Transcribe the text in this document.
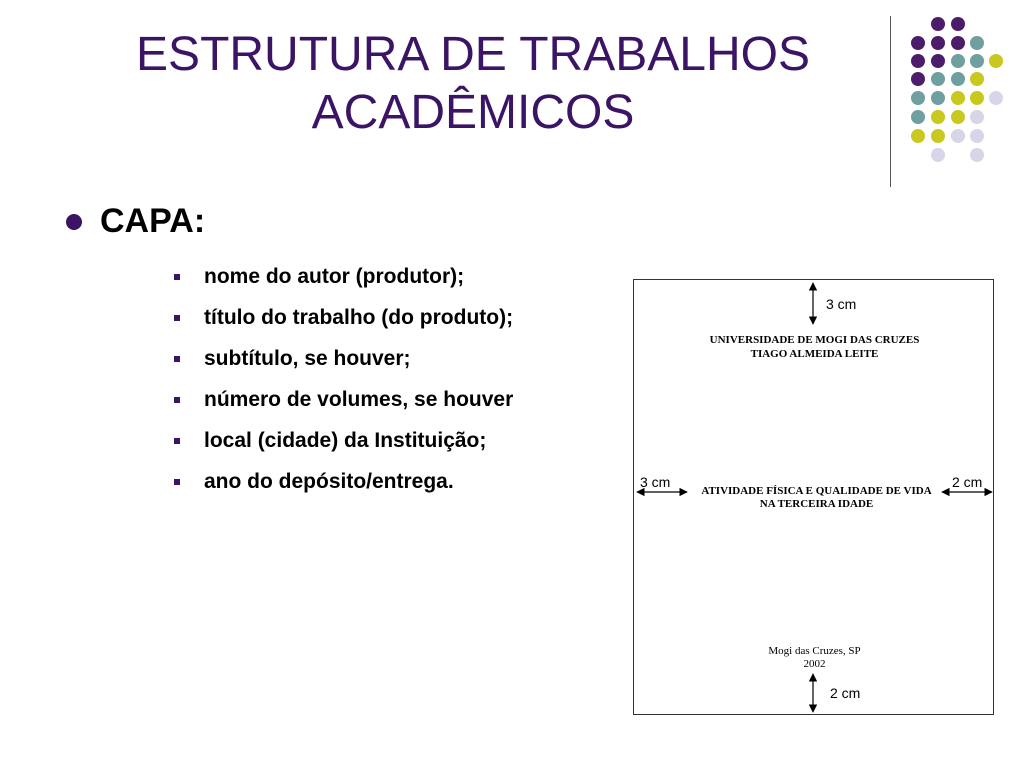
ESTRUTURA DE TRABALHOS
ACADÊMICOS
CAPA:
nome do autor (produtor);
título do trabalho (do produto);
subtítulo, se houver;
número de volumes, se houver
local (cidade) da Instituição;
ano do depósito/entrega.
3 cm
UNIVERSIDADE DE MOGI DAS CRUZES
TIAGO ALMEIDA LEITE
3 cm	2 cm
ATIVIDADE FÍSICA E QUALIDADE DE VIDA
NA TERCEIRA IDADE
Mogi das Cruzes, SP
2002
2 cm
